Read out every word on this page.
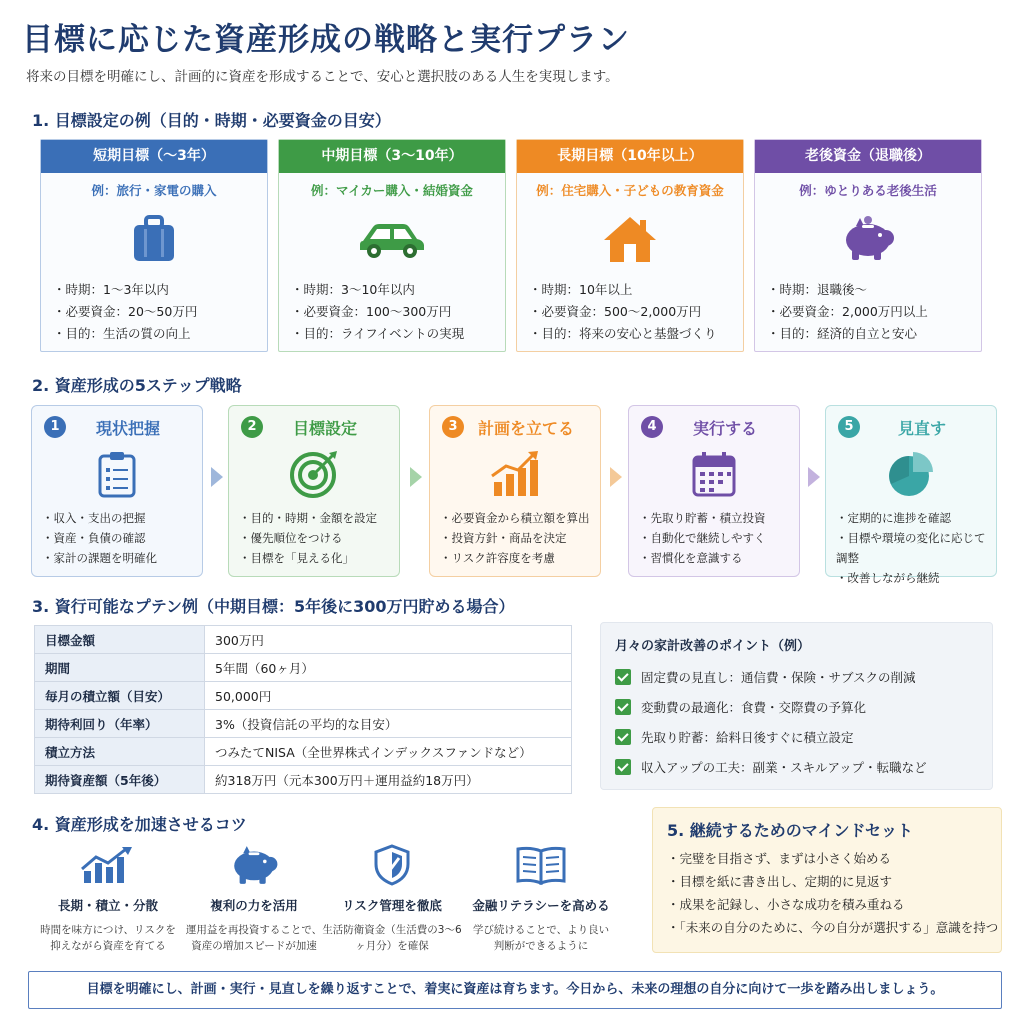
目標に応じた資産形成の戦略と実行プラン
将来の目標を明確にし、計画的に資産を形成することで、安心と選択肢のある人生を実現します。
1. 目標設定の例（目的・時期・必要資金の目安）
短期目標（〜3年）
例：旅行・家電の購入
・ 時期：1〜3年以内
・ 必要資金：20〜50万円
・ 目的：生活の質の向上
中期目標（3〜10年）
例：マイカー購入・結婚資金
・ 時期：3〜10年以内
・ 必要資金：100〜300万円
・ 目的：ライフイベントの実現
長期目標（10年以上）
例：住宅購入・子どもの教育資金
・ 時期：10年以上
・ 必要資金：500〜2,000万円
・ 目的：将来の安心と基盤づくり
老後資金（退職後）
例：ゆとりある老後生活
・ 時期：退職後〜
・ 必要資金：2,000万円以上
・ 目的：経済的自立と安心
2. 資産形成の5ステップ戦略
1	現状把握
・ 収入・支出の把握
・ 資産・負債の確認
・ 家計の課題を明確化
2	目標設定
・ 目的・時期・金額を設定
・ 優先順位をつける
・ 目標を「見える化」
3	計画を立てる
・ 必要資金から積立額を算出
・ 投資方針・商品を決定
・ リスク許容度を考慮
4	実行する
・ 先取り貯蓄・積立投資
・ 自動化で継続しやすく
・ 習慣化を意識する
5	見直す
・ 定期的に進捗を確認
・ 目標や環境の変化に応じて調整
・ 改善しながら継続
3. 資行可能なプテン例（中期目標：5年後に300万円貯める場合）
目標金額	300万円
期間	5年間（60ヶ月）
毎月の積立額（目安）	50,000円
期待利回り（年率）	3%（投資信託の平均的な目安）
積立方法	つみたてNISA（全世界株式インデックスファンドなど）
期待資産額（5年後）	約318万円（元本300万円＋運用益約18万円）
月々の家計改善のポイント（例）
固定費の見直し：通信費・保険・サブスクの削減
変動費の最適化：食費・交際費の予算化
先取り貯蓄：給料日後すぐに積立設定
収入アップの工夫：副業・スキルアップ・転職など
4. 資産形成を加速させるコツ
長期・積立・分散
時間を味方につけ、リスクを抑えながら資産を育てる
複利の力を活用
運用益を再投資することで、資産の増加スピードが加速
リスク管理を徹底
生活防衛資金（生活費の3〜6ヶ月分）を確保
金融リテラシーを高める
学び続けることで、より良い判断ができるように
5. 継続するためのマインドセット
・ 完璧を目指さず、まずは小さく始める
・ 目標を紙に書き出し、定期的に見返す
・ 成果を記録し、小さな成功を積み重ねる
・ 「未来の自分のために、今の自分が選択する」意識を持つ
目標を明確にし、計画・実行・見直しを繰り返すことで、着実に資産は育ちます。今日から、未来の理想の自分に向けて一歩を踏み出しましょう。
